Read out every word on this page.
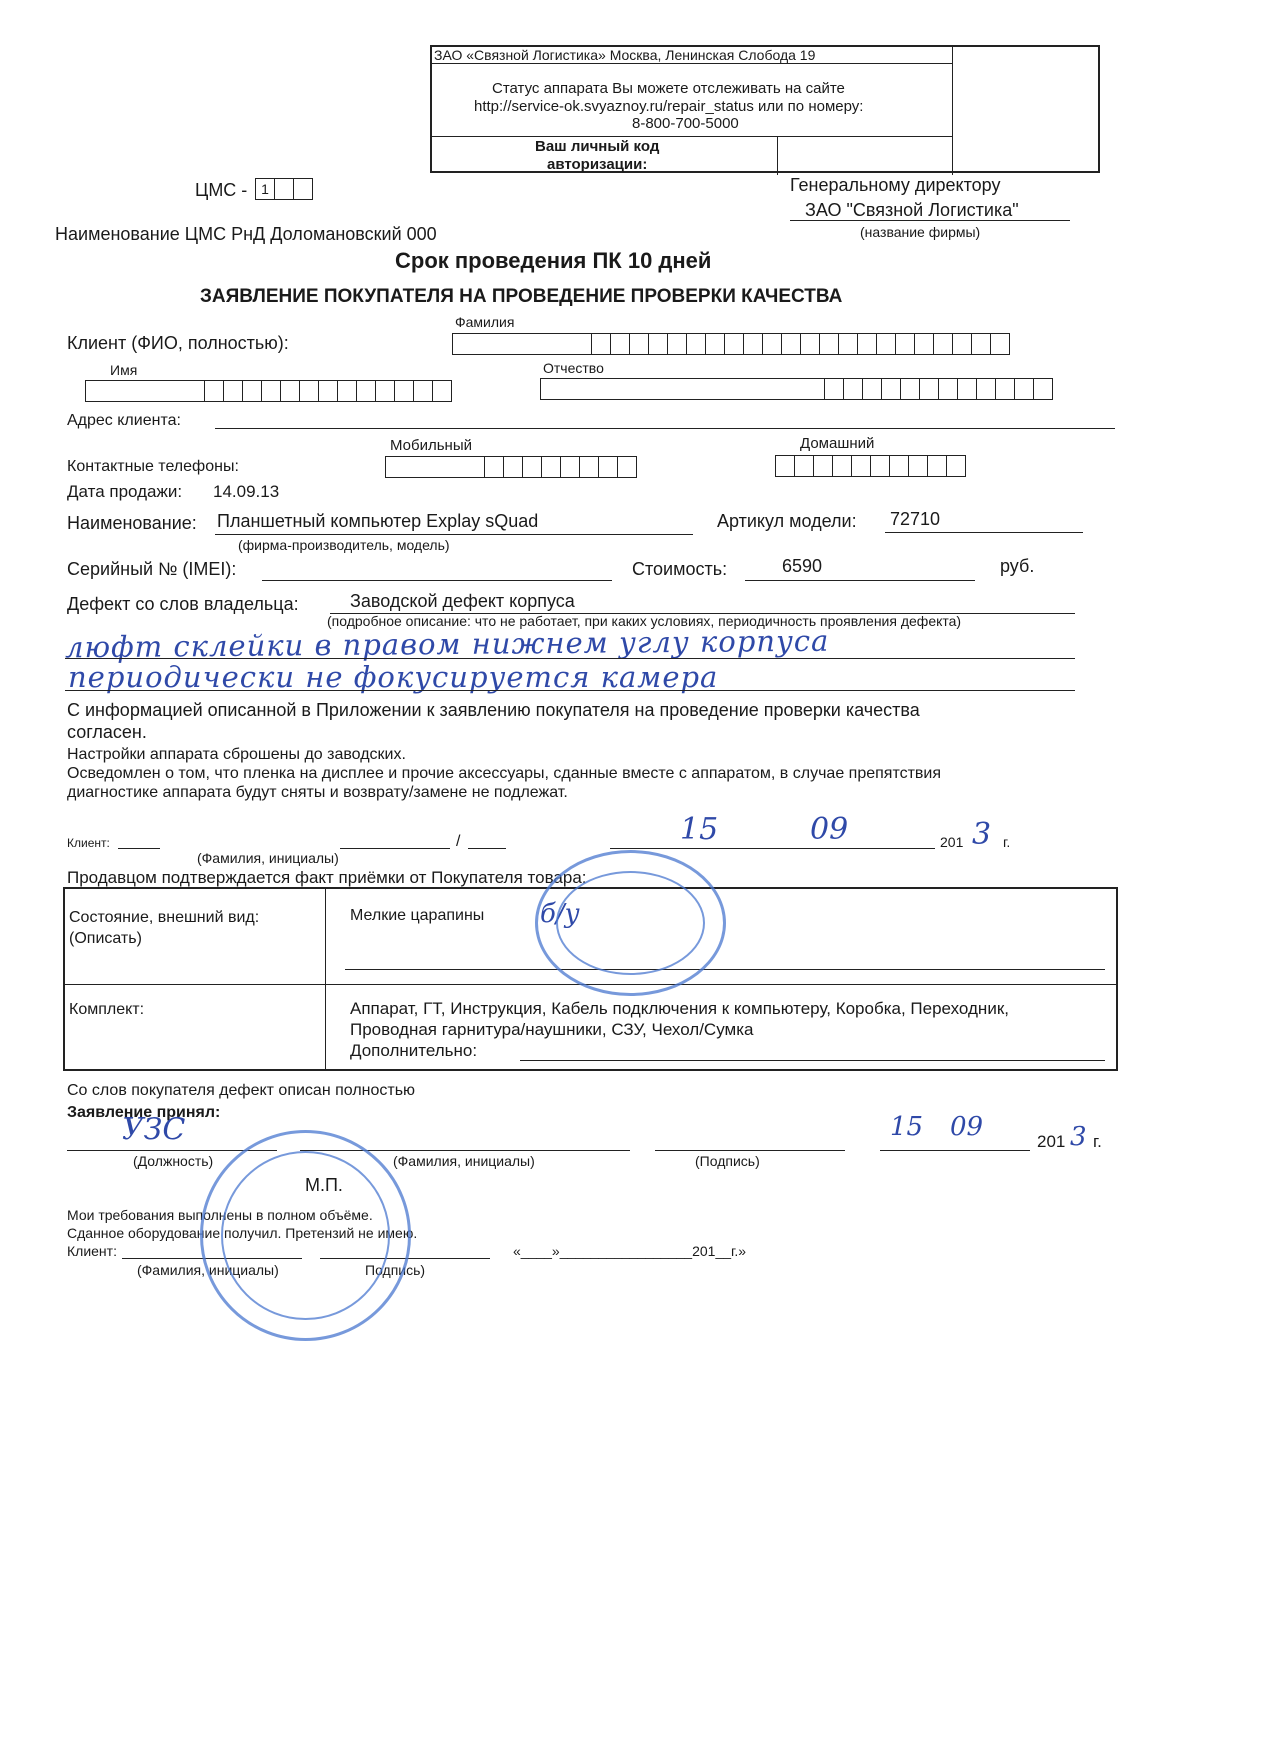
ЗАО «Связной Логистика» Москва, Ленинская Слобода 19
Статус аппарата Вы можете отслеживать на сайте
http://service-ok.svyaznoy.ru/repair_status или по номеру:
8-800-700-5000
Ваш личный код
авторизации:
ЦМС - 1	Генеральному директору
ЗАО "Связной Логистика"
(название фирмы)
Наименование ЦМС РнД Доломановский 000
Срок проведения ПК 10 дней
ЗАЯВЛЕНИЕ ПОКУПАТЕЛЯ НА ПРОВЕДЕНИЕ ПРОВЕРКИ КАЧЕСТВА
Фамилия
Клиент (ФИО, полностью):
Имя	Отчество
Адрес клиента:
Мобильный	Домашний
Контактные телефоны:
Дата продажи: 14.09.13
Наименование: Планшетный компьютер Explay sQuad
(фирма-производитель, модель)
Артикул модели: 72710
Серийный № (IMEI):	Стоимость:	6590	руб.
Дефект со слов владельца:	Заводской дефект корпуса
(подробное описание: что не работает, при каких условиях, периодичность проявления дефекта)
люфт склейки в правом нижнем углу корпуса
периодически не фокусируется камера
С информацией описанной в Приложении к заявлению покупателя на проведение проверки качества
согласен.
Настройки аппарата сброшены до заводских.
Осведомлен о том, что пленка на дисплее и прочие аксессуары, сданные вместе с аппаратом, в случае препятствия
диагностике аппарата будут сняты и возврату/замене не подлежат.
Клиент:
(Фамилия, инициалы)
/	15	09	201 3 г.
Продавцом подтверждается факт приёмки от Покупателя товара:
Состояние, внешний вид:
(Описать)
Мелкие царапины б/у
Комплект:	Аппарат, ГТ, Инструкция, Кабель подключения к компьютеру, Коробка, Переходник,
Проводная гарнитура/наушники, СЗУ, Чехол/Сумка
Дополнительно:
Со слов покупателя дефект описан полностью
Заявление принял:
УЗС	15 09	201 3 г.
(Должность)	(Фамилия, инициалы)	(Подпись)
М.П.
Мои требования выполнены в полном объёме.
Сданное оборудование получил. Претензий не имею.
Клиент:	«____»_________________201__г.»
(Фамилия, инициалы)	Подпись)
